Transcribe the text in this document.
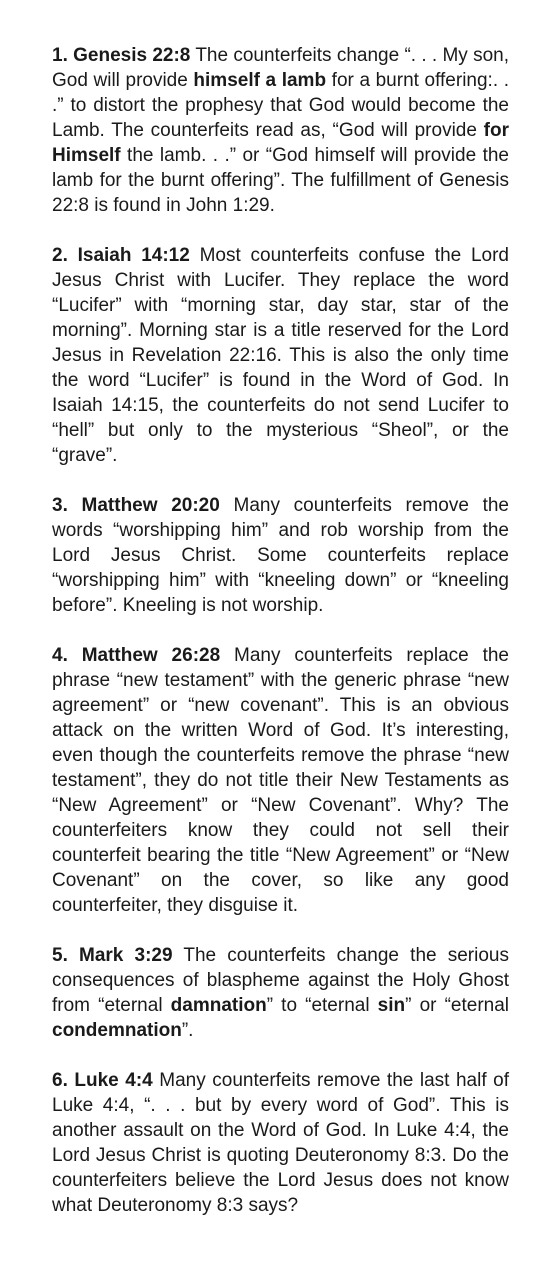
1. Genesis 22:8 The counterfeits change “. . . My son, God will provide himself a lamb for a burnt offering:. . .” to distort the prophesy that God would become the Lamb. The counterfeits read as, “God will provide for Himself the lamb. . .” or “God himself will provide the lamb for the burnt offering”. The fulfillment of Genesis 22:8 is found in John 1:29.

2. Isaiah 14:12 Most counterfeits confuse the Lord Jesus Christ with Lucifer. They replace the word “Lucifer” with “morning star, day star, star of the morning”. Morning star is a title reserved for the Lord Jesus in Revelation 22:16. This is also the only time the word “Lucifer” is found in the Word of God. In Isaiah 14:15, the counterfeits do not send Lucifer to “hell” but only to the mysterious “Sheol”, or the “grave”.

3. Matthew 20:20 Many counterfeits remove the words “worshipping him” and rob worship from the Lord Jesus Christ. Some counterfeits replace “worshipping him” with “kneeling down” or “kneeling before”. Kneeling is not worship.

4. Matthew 26:28 Many counterfeits replace the phrase “new testament” with the generic phrase “new agreement” or “new covenant”. This is an obvious attack on the written Word of God. It’s interesting, even though the counterfeits remove the phrase “new testament”, they do not title their New Testaments as “New Agreement” or “New Covenant”. Why? The counterfeiters know they could not sell their counterfeit bearing the title “New Agreement” or “New Covenant” on the cover, so like any good counterfeiter, they disguise it.

5. Mark 3:29 The counterfeits change the serious consequences of blaspheme against the Holy Ghost from “eternal damnation” to “eternal sin” or “eternal condemnation”.

6. Luke 4:4 Many counterfeits remove the last half of Luke 4:4, “. . . but by every word of God”. This is another assault on the Word of God. In Luke 4:4, the Lord Jesus Christ is quoting Deuteronomy 8:3. Do the counterfeiters believe the Lord Jesus does not know what Deuteronomy 8:3 says?
